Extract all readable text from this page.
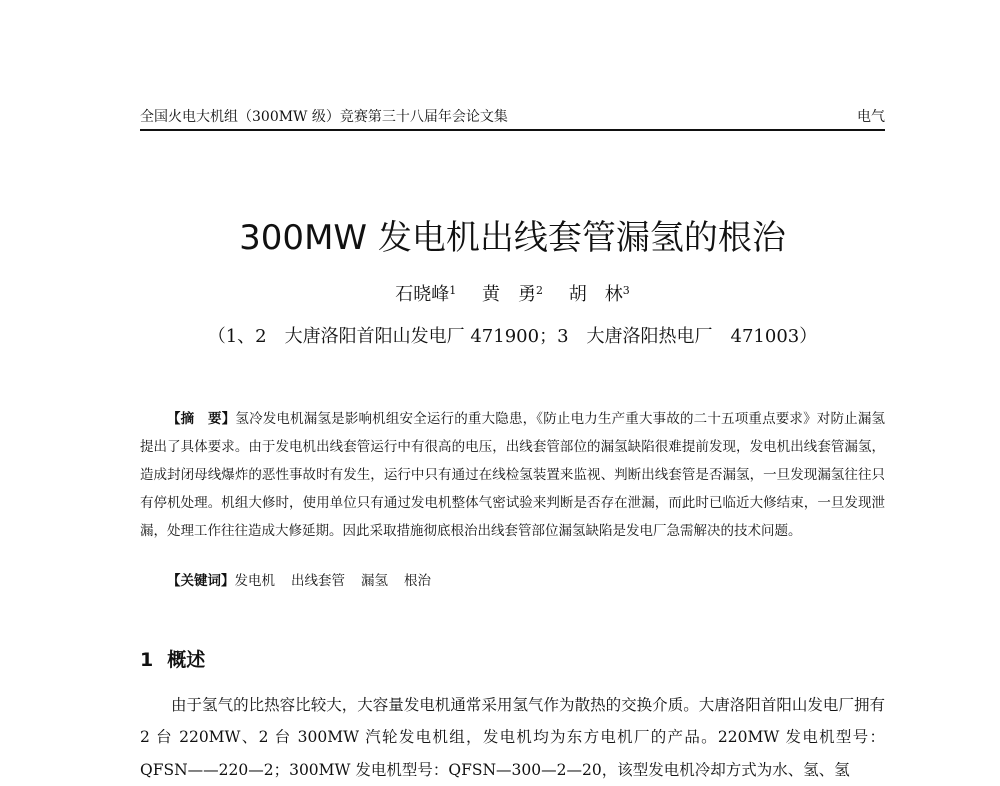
全国火电大机组（300MW 级）竞赛第三十八届年会论文集	电气
300MW 发电机出线套管漏氢的根治
石晓峰$^1$ 黄　勇$^2$ 胡　林$^3$
（1、2　大唐洛阳首阳山发电厂 471900；3　大唐洛阳热电厂　471003）

【摘　要】氢冷发电机漏氢是影响机组安全运行的重大隐患，《防止电力生产重大事故的二十五项重点要求》对防止漏氢提出了具体要求。由于发电机出线套管运行中有很高的电压，出线套管部位的漏氢缺陷很难提前发现，发电机出线套管漏氢，造成封闭母线爆炸的恶性事故时有发生，运行中只有通过在线检氢装置来监视、判断出线套管是否漏氢，一旦发现漏氢往往只有停机处理。机组大修时，使用单位只有通过发电机整体气密试验来判断是否存在泄漏，而此时已临近大修结束，一旦发现泄漏，处理工作往往造成大修延期。因此采取措施彻底根治出线套管部位漏氢缺陷是发电厂急需解决的技术问题。

【关键词】发电机 出线套管 漏氢 根治
1 概述

由于氢气的比热容比较大，大容量发电机通常采用氢气作为散热的交换介质。大唐洛阳首阳山发电厂拥有 2 台 220MW、2 台 300MW 汽轮发电机组，发电机均为东方电机厂的产品。220MW 发电机型号：QFSN——220—2；300MW 发电机型号：QFSN—300—2—20，该型发电机冷却方式为水、氢、氢
